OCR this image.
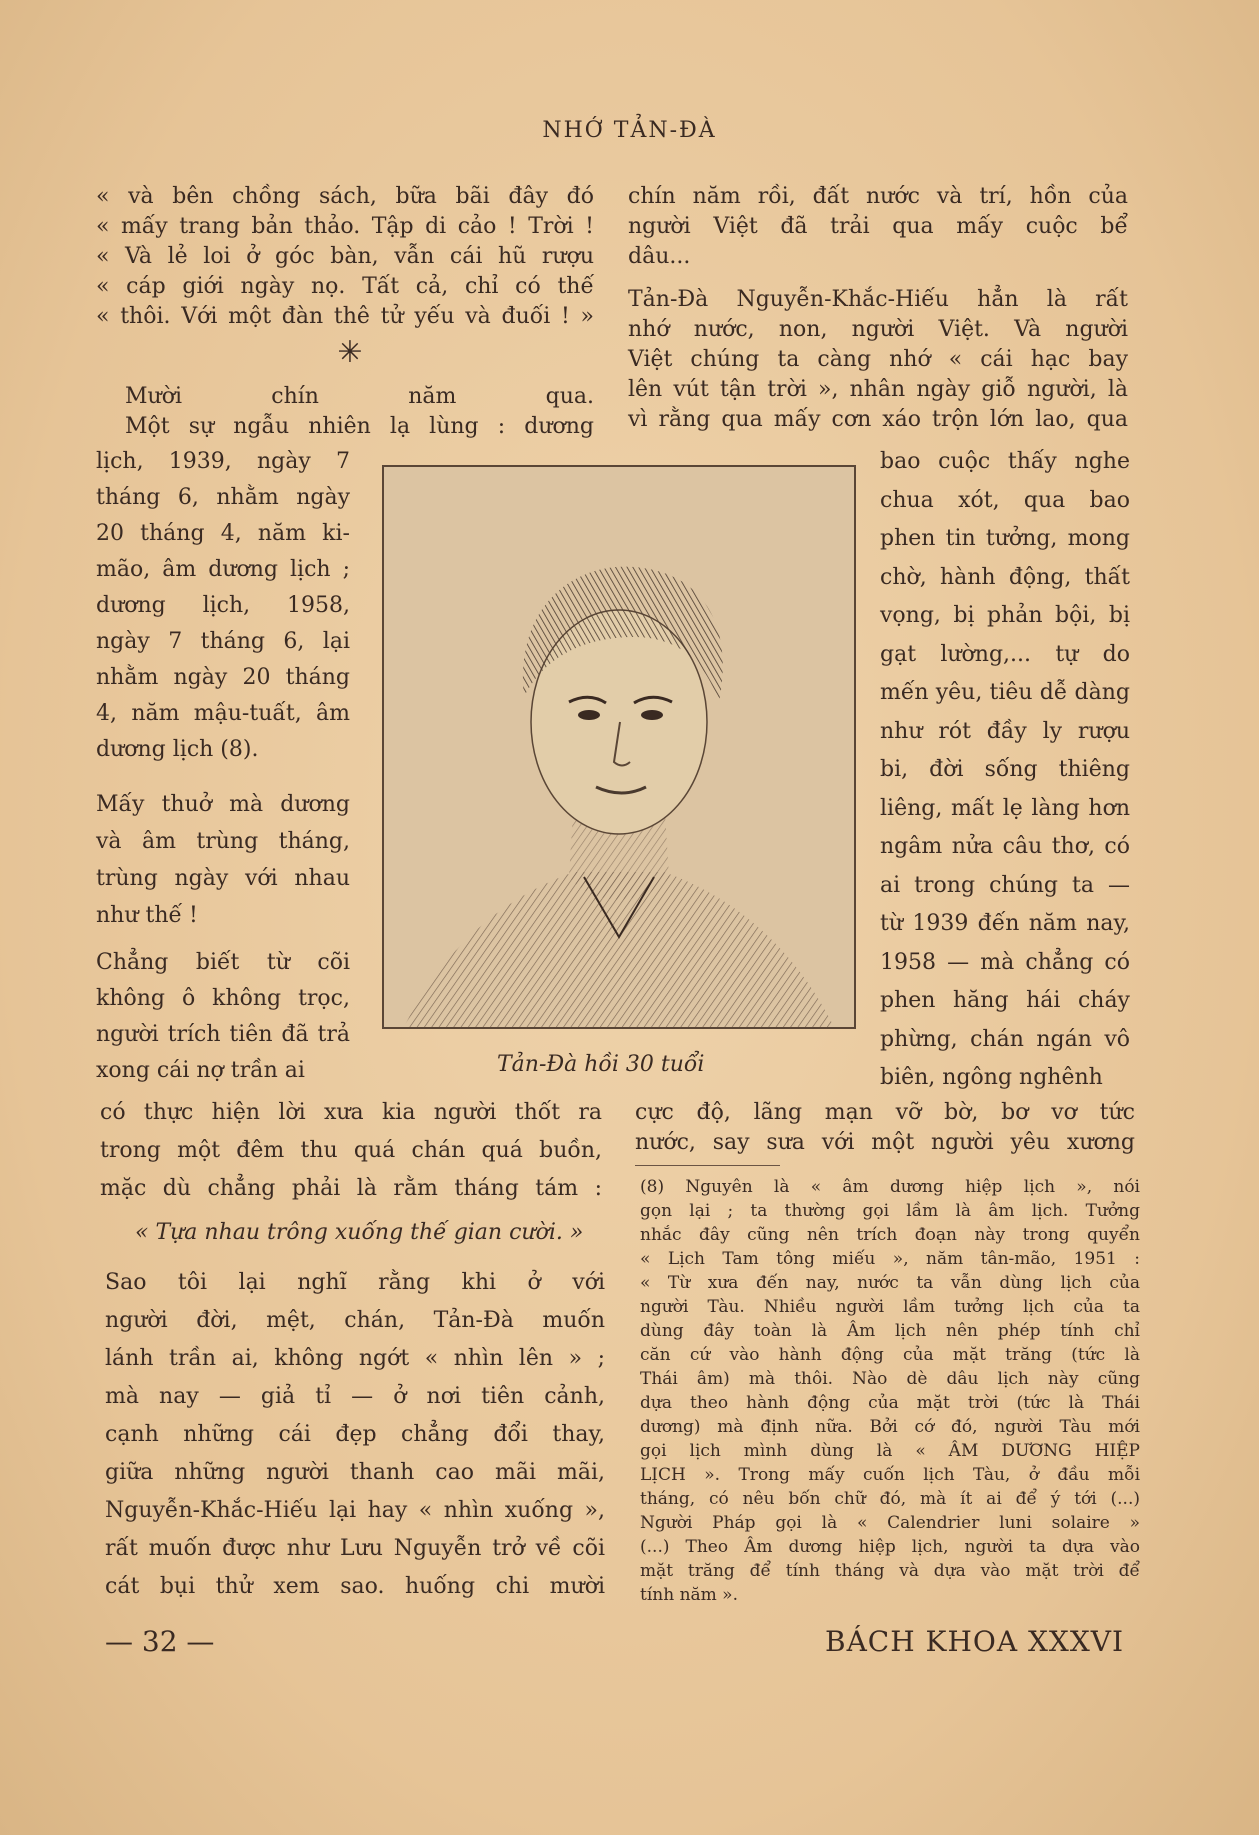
NHỚ TẢN-ĐÀ
« và bên chồng sách, bữa bãi đây đó
« mấy trang bản thảo. Tập di cảo ! Trời !
« Và lẻ loi ở góc bàn, vẫn cái hũ rượu
« cáp giới ngày nọ. Tất cả, chỉ có thế
« thôi. Với một đàn thê tử yếu và đuối ! »
✳
Mười chín năm qua.
Một sự ngẫu nhiên lạ lùng : dương
lịch, 1939, ngày 7
tháng 6, nhằm ngày
20 tháng 4, năm ki-
mão, âm dương lịch ;
dương lịch, 1958,
ngày 7 tháng 6, lại
nhằm ngày 20 tháng
4, năm mậu-tuất, âm
dương lịch (8).
Mấy thuở mà dương
và âm trùng tháng,
trùng ngày với nhau
như thế !
Chẳng biết từ cõi
không ô không trọc,
người trích tiên đã trả
xong cái nợ trần ai	Tản-Đà hồi 30 tuổi
có thực hiện lời xưa kia người thốt ra
trong một đêm thu quá chán quá buồn,
mặc dù chẳng phải là rằm tháng tám :
« Tựa nhau trông xuống thế gian cười. »
Sao tôi lại nghĩ rằng khi ở với
người đời, mệt, chán, Tản-Đà muốn
lánh trần ai, không ngớt « nhìn lên » ;
mà nay — giả tỉ — ở nơi tiên cảnh,
cạnh những cái đẹp chẳng đổi thay,
giữa những người thanh cao mãi mãi,
Nguyễn-Khắc-Hiếu lại hay « nhìn xuống »,
rất muốn được như Lưu Nguyễn trở về cõi
cát bụi thử xem sao. huống chi mười
chín năm rồi, đất nước và trí, hồn của
người Việt đã trải qua mấy cuộc bể
dâu...
Tản-Đà Nguyễn-Khắc-Hiếu hẳn là rất
nhớ nước, non, người Việt. Và người
Việt chúng ta càng nhớ « cái hạc bay
lên vút tận trời », nhân ngày giỗ người, là
vì rằng qua mấy cơn xáo trộn lớn lao, qua
bao cuộc thấy nghe
chua xót, qua bao
phen tin tưởng, mong
chờ, hành động, thất
vọng, bị phản bội, bị
gạt lường,... tự do
mến yêu, tiêu dễ dàng
như rót đầy ly rượu
bi, đời sống thiêng
liêng, mất lẹ làng hơn
ngâm nửa câu thơ, có
ai trong chúng ta —
từ 1939 đến năm nay,
1958 — mà chẳng có
phen hăng hái cháy
phừng, chán ngán vô
biên, ngông nghênh
cực độ, lãng mạn vỡ bờ, bơ vơ tức
nước, say sưa với một người yêu xương
(8) Nguyên là « âm dương hiệp lịch », nói
gọn lại ; ta thường gọi lầm là âm lịch. Tưởng
nhắc đây cũng nên trích đoạn này trong quyển
« Lịch Tam tông miếu », năm tân-mão, 1951 :
« Từ xưa đến nay, nước ta vẫn dùng lịch của
người Tàu. Nhiều người lầm tưởng lịch của ta
dùng đây toàn là Âm lịch nên phép tính chỉ
căn cứ vào hành động của mặt trăng (tức là
Thái âm) mà thôi. Nào dè dâu lịch này cũng
dựa theo hành động của mặt trời (tức là Thái
dương) mà định nữa. Bởi cớ đó, người Tàu mới
gọi lịch mình dùng là « ÂM DƯƠNG HIỆP
LỊCH ». Trong mấy cuốn lịch Tàu, ở đầu mỗi
tháng, có nêu bốn chữ đó, mà ít ai để ý tới (...)
Người Pháp gọi là « Calendrier luni solaire »
(...) Theo Âm dương hiệp lịch, người ta dựa vào
mặt trăng để tính tháng và dựa vào mặt trời để
tính năm ».
— 32 —	BÁCH KHOA XXXVI
